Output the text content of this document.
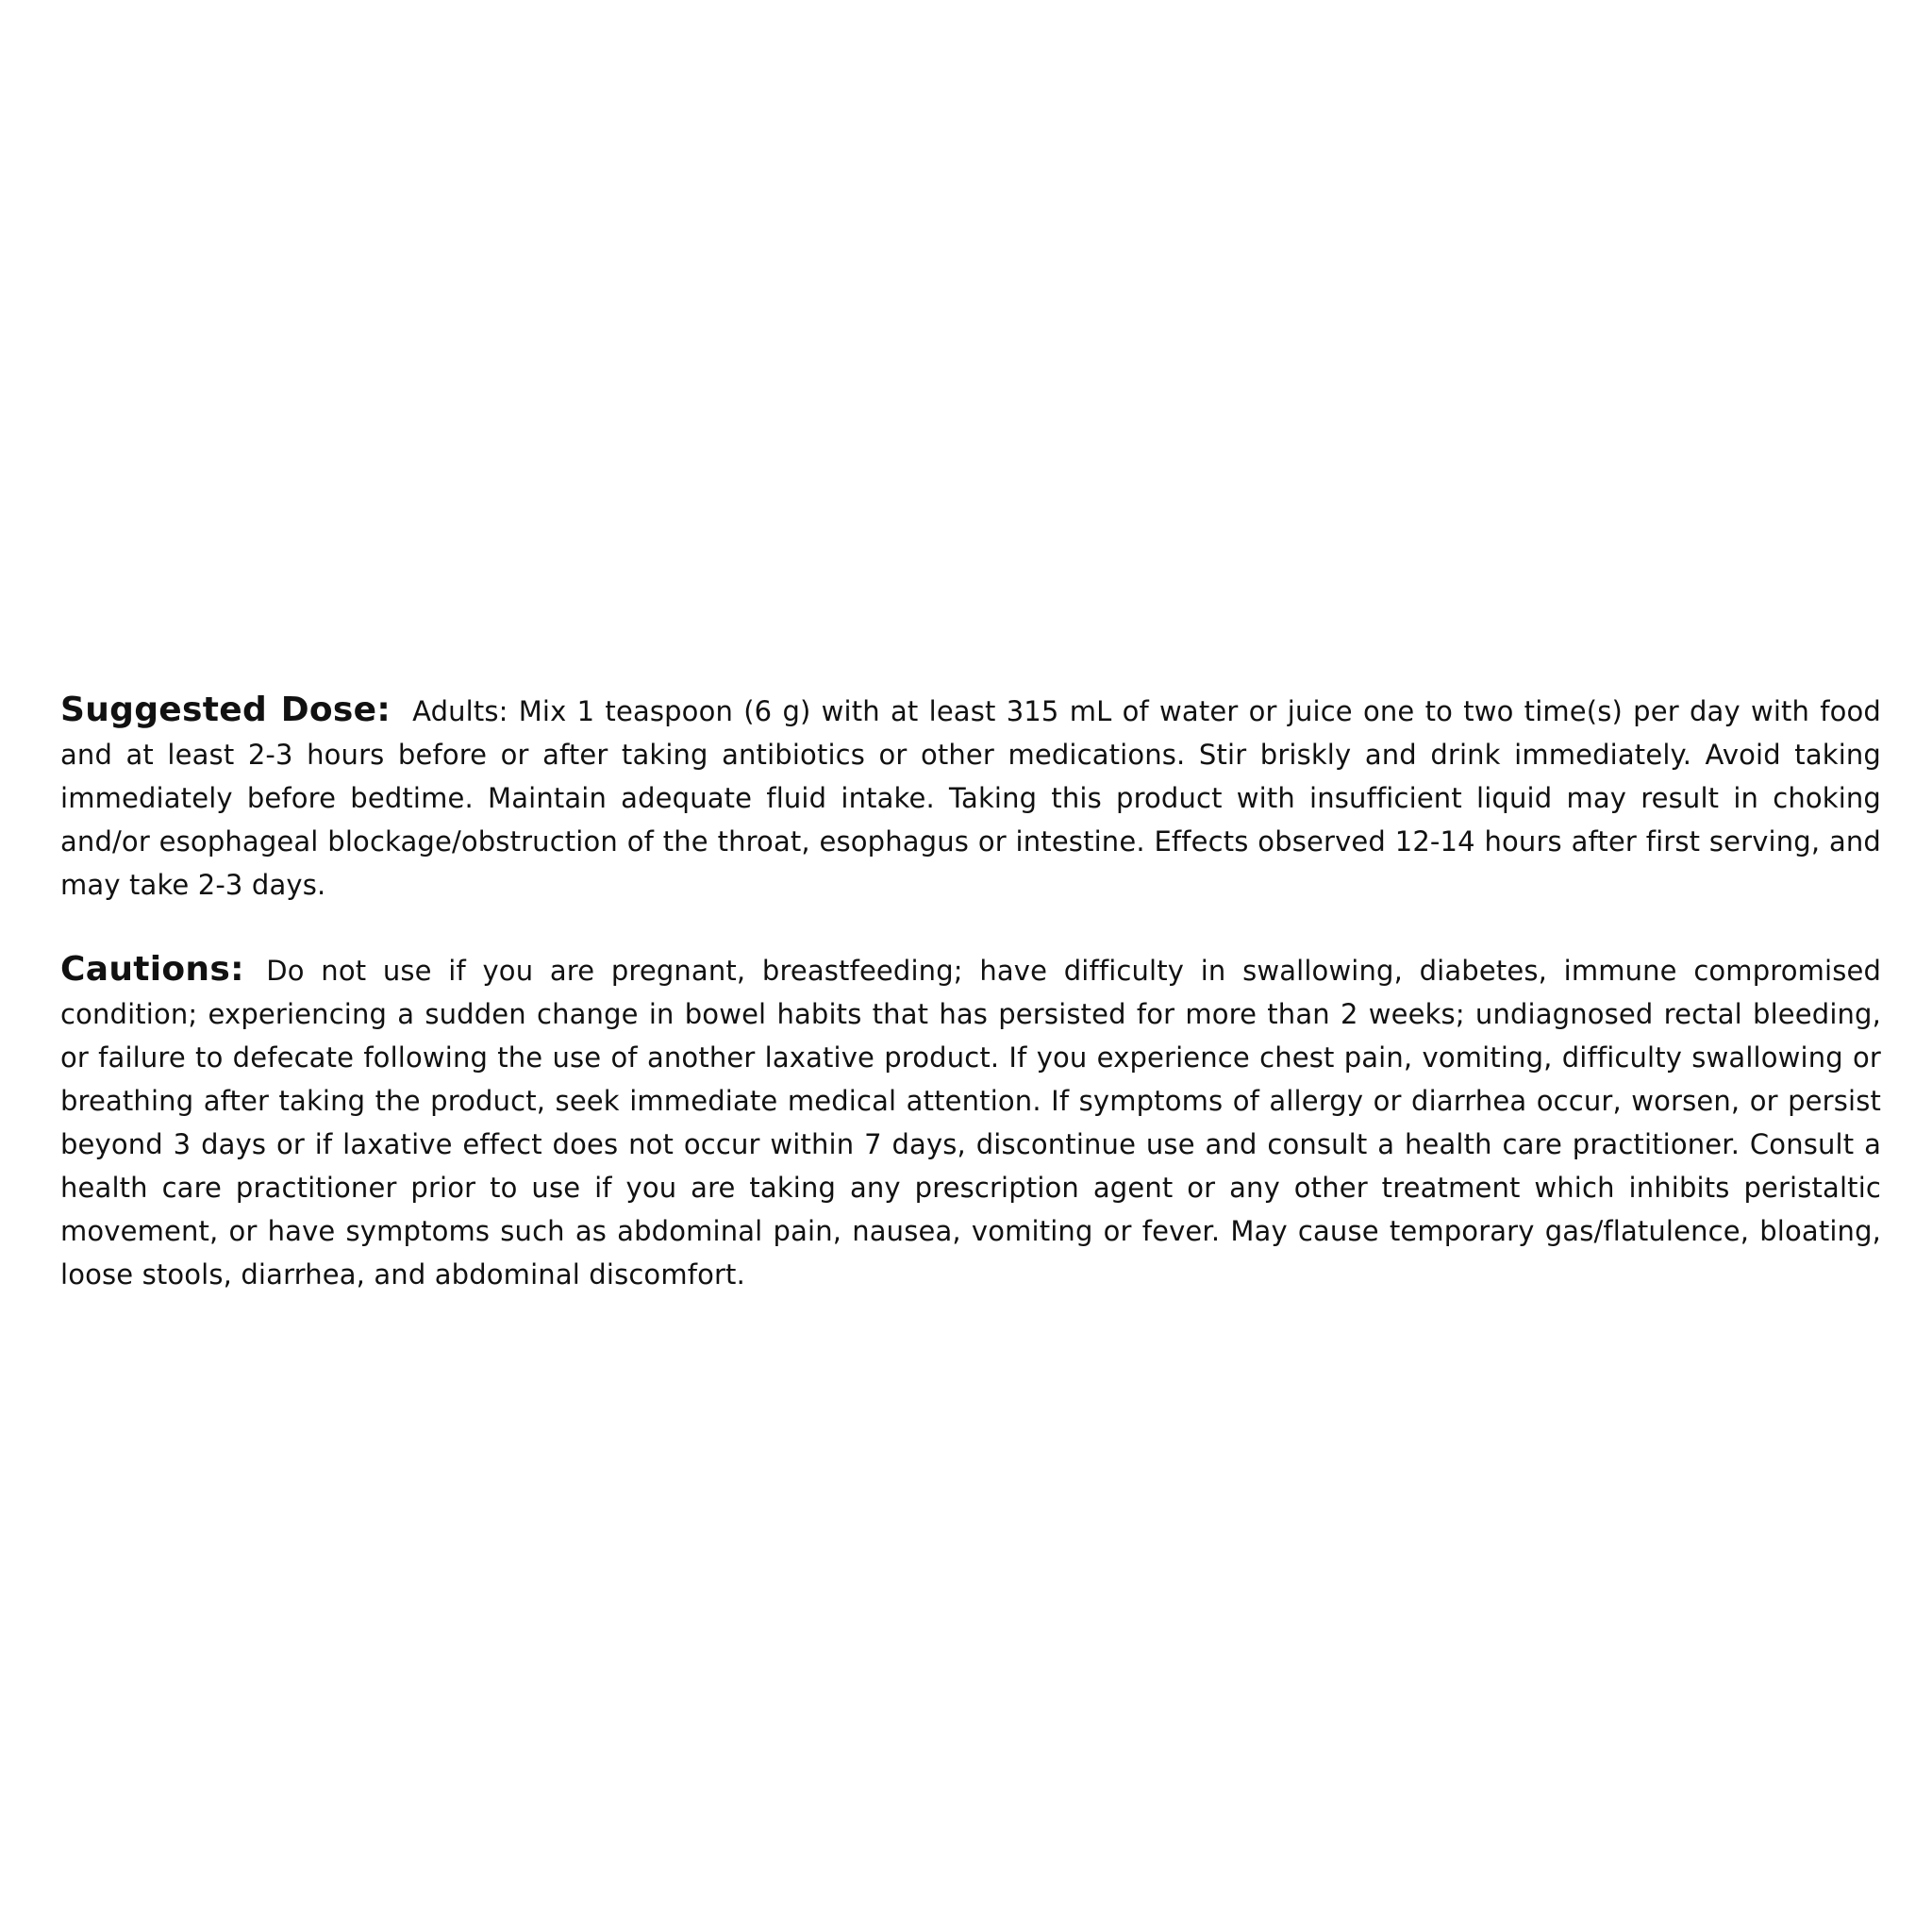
Suggested Dose: Adults: Mix 1 teaspoon (6 g) with at least 315 mL of water or juice one to two time(s) per day with food and at least 2-3 hours before or after taking antibiotics or other medications. Stir briskly and drink immediately. Avoid taking immediately before bedtime. Maintain adequate fluid intake. Taking this product with insufficient liquid may result in choking and/or esophageal blockage/obstruction of the throat, esophagus or intestine. Effects observed 12-14 hours after first serving, and may take 2-3 days.

Cautions: Do not use if you are pregnant, breastfeeding; have difficulty in swallowing, diabetes, immune compromised condition; experiencing a sudden change in bowel habits that has persisted for more than 2 weeks; undiagnosed rectal bleeding, or failure to defecate following the use of another laxative product. If you experience chest pain, vomiting, difficulty swallowing or breathing after taking the product, seek immediate medical attention. If symptoms of allergy or diarrhea occur, worsen, or persist beyond 3 days or if laxative effect does not occur within 7 days, discontinue use and consult a health care practitioner. Consult a health care practitioner prior to use if you are taking any prescription agent or any other treatment which inhibits peristaltic movement, or have symptoms such as abdominal pain, nausea, vomiting or fever. May cause temporary gas/flatulence, bloating, loose stools, diarrhea, and abdominal discomfort.
